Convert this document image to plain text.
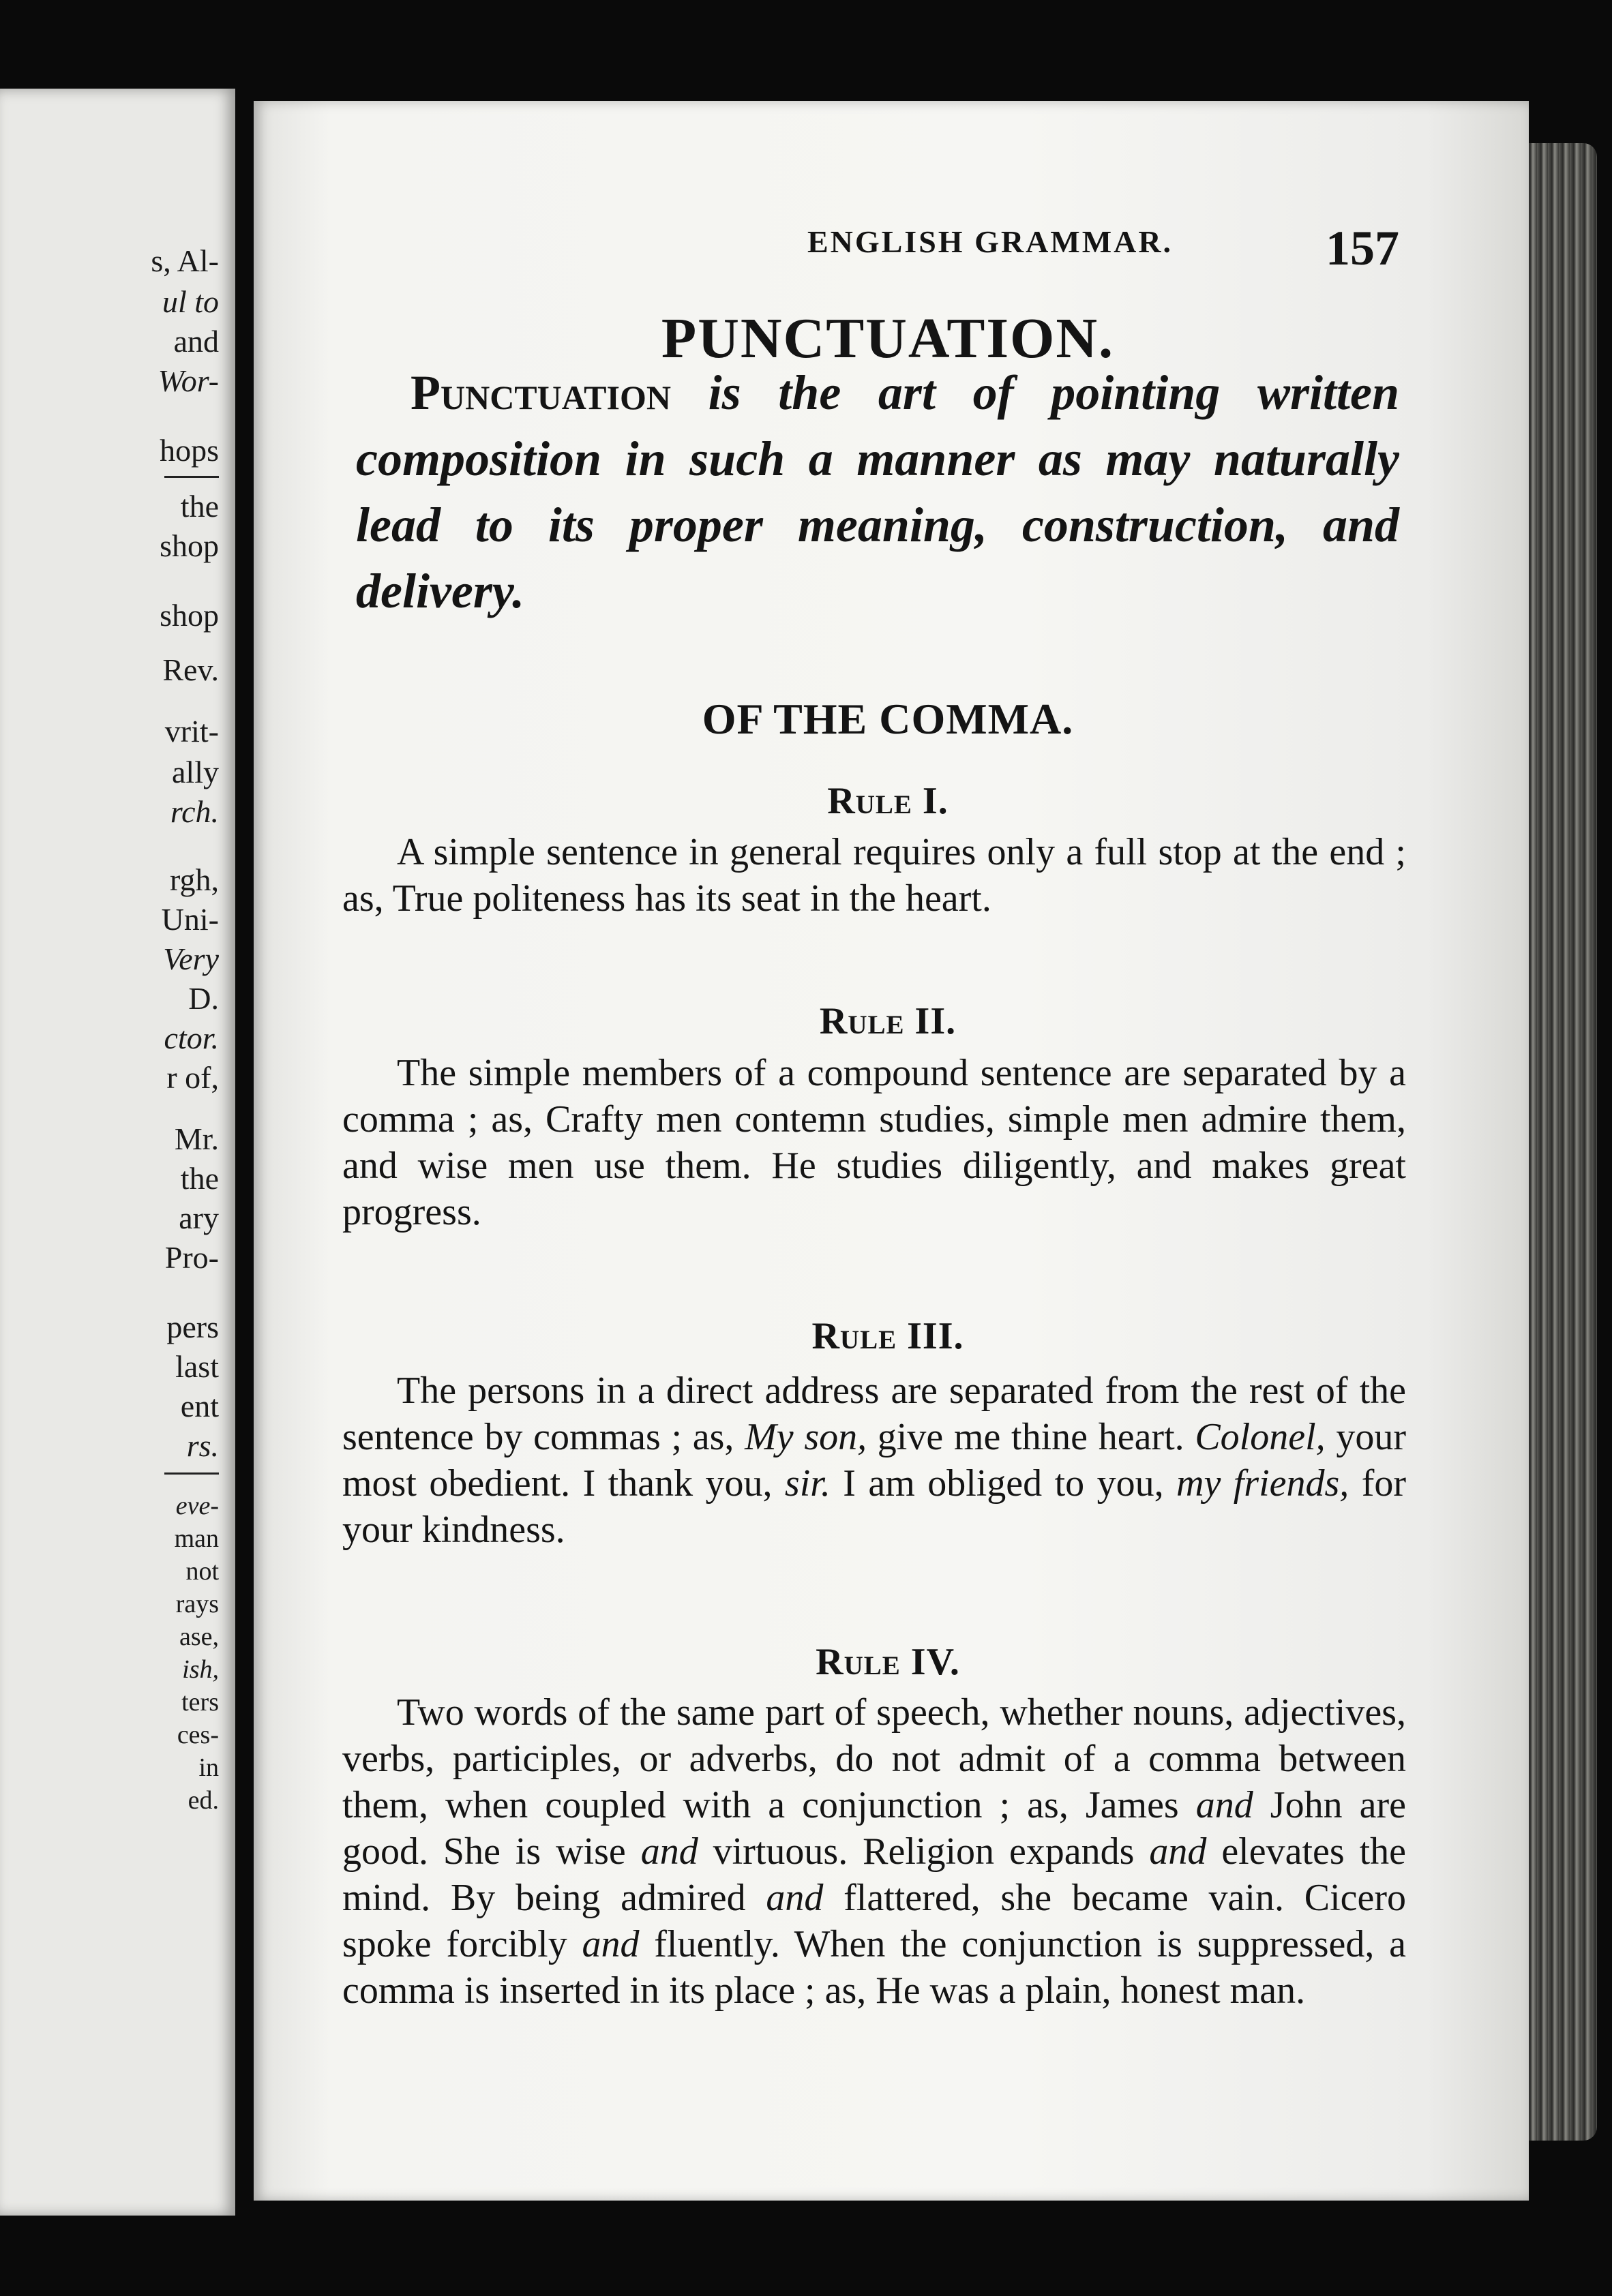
s, Al-
ul to
and
Wor-
hops
the
shop
shop
Rev.
vrit-
ally
rch.
rgh,
Uni-
Very
D.
ctor.
r of,
Mr.
the
ary
Pro-
pers
last
ent
rs.
eve-
man
not
rays
ase,
ish,
ters
ces-
in
ed.
ENGLISH GRAMMAR.	157
PUNCTUATION.
Punctuation is the art of pointing written composition in such a manner as may naturally lead to its proper meaning, construction, and delivery.
OF THE COMMA.
Rule I.
A simple sentence in general requires only a full stop at the end ; as, True politeness has its seat in the heart.
Rule II.
The simple members of a compound sentence are separated by a comma ; as, Crafty men contemn studies, simple men admire them, and wise men use them. He studies diligently, and makes great progress.
Rule III.
The persons in a direct address are separated from the rest of the sentence by commas ; as, My son, give me thine heart. Colonel, your most obedient. I thank you, sir. I am obliged to you, my friends, for your kindness.
Rule IV.
Two words of the same part of speech, whether nouns, adjectives, verbs, participles, or adverbs, do not admit of a comma between them, when coupled with a conjunction ; as, James and John are good. She is wise and virtuous. Religion expands and elevates the mind. By being admired and flattered, she became vain. Cicero spoke forcibly and fluently. When the conjunction is suppressed, a comma is inserted in its place ; as, He was a plain, honest man.
